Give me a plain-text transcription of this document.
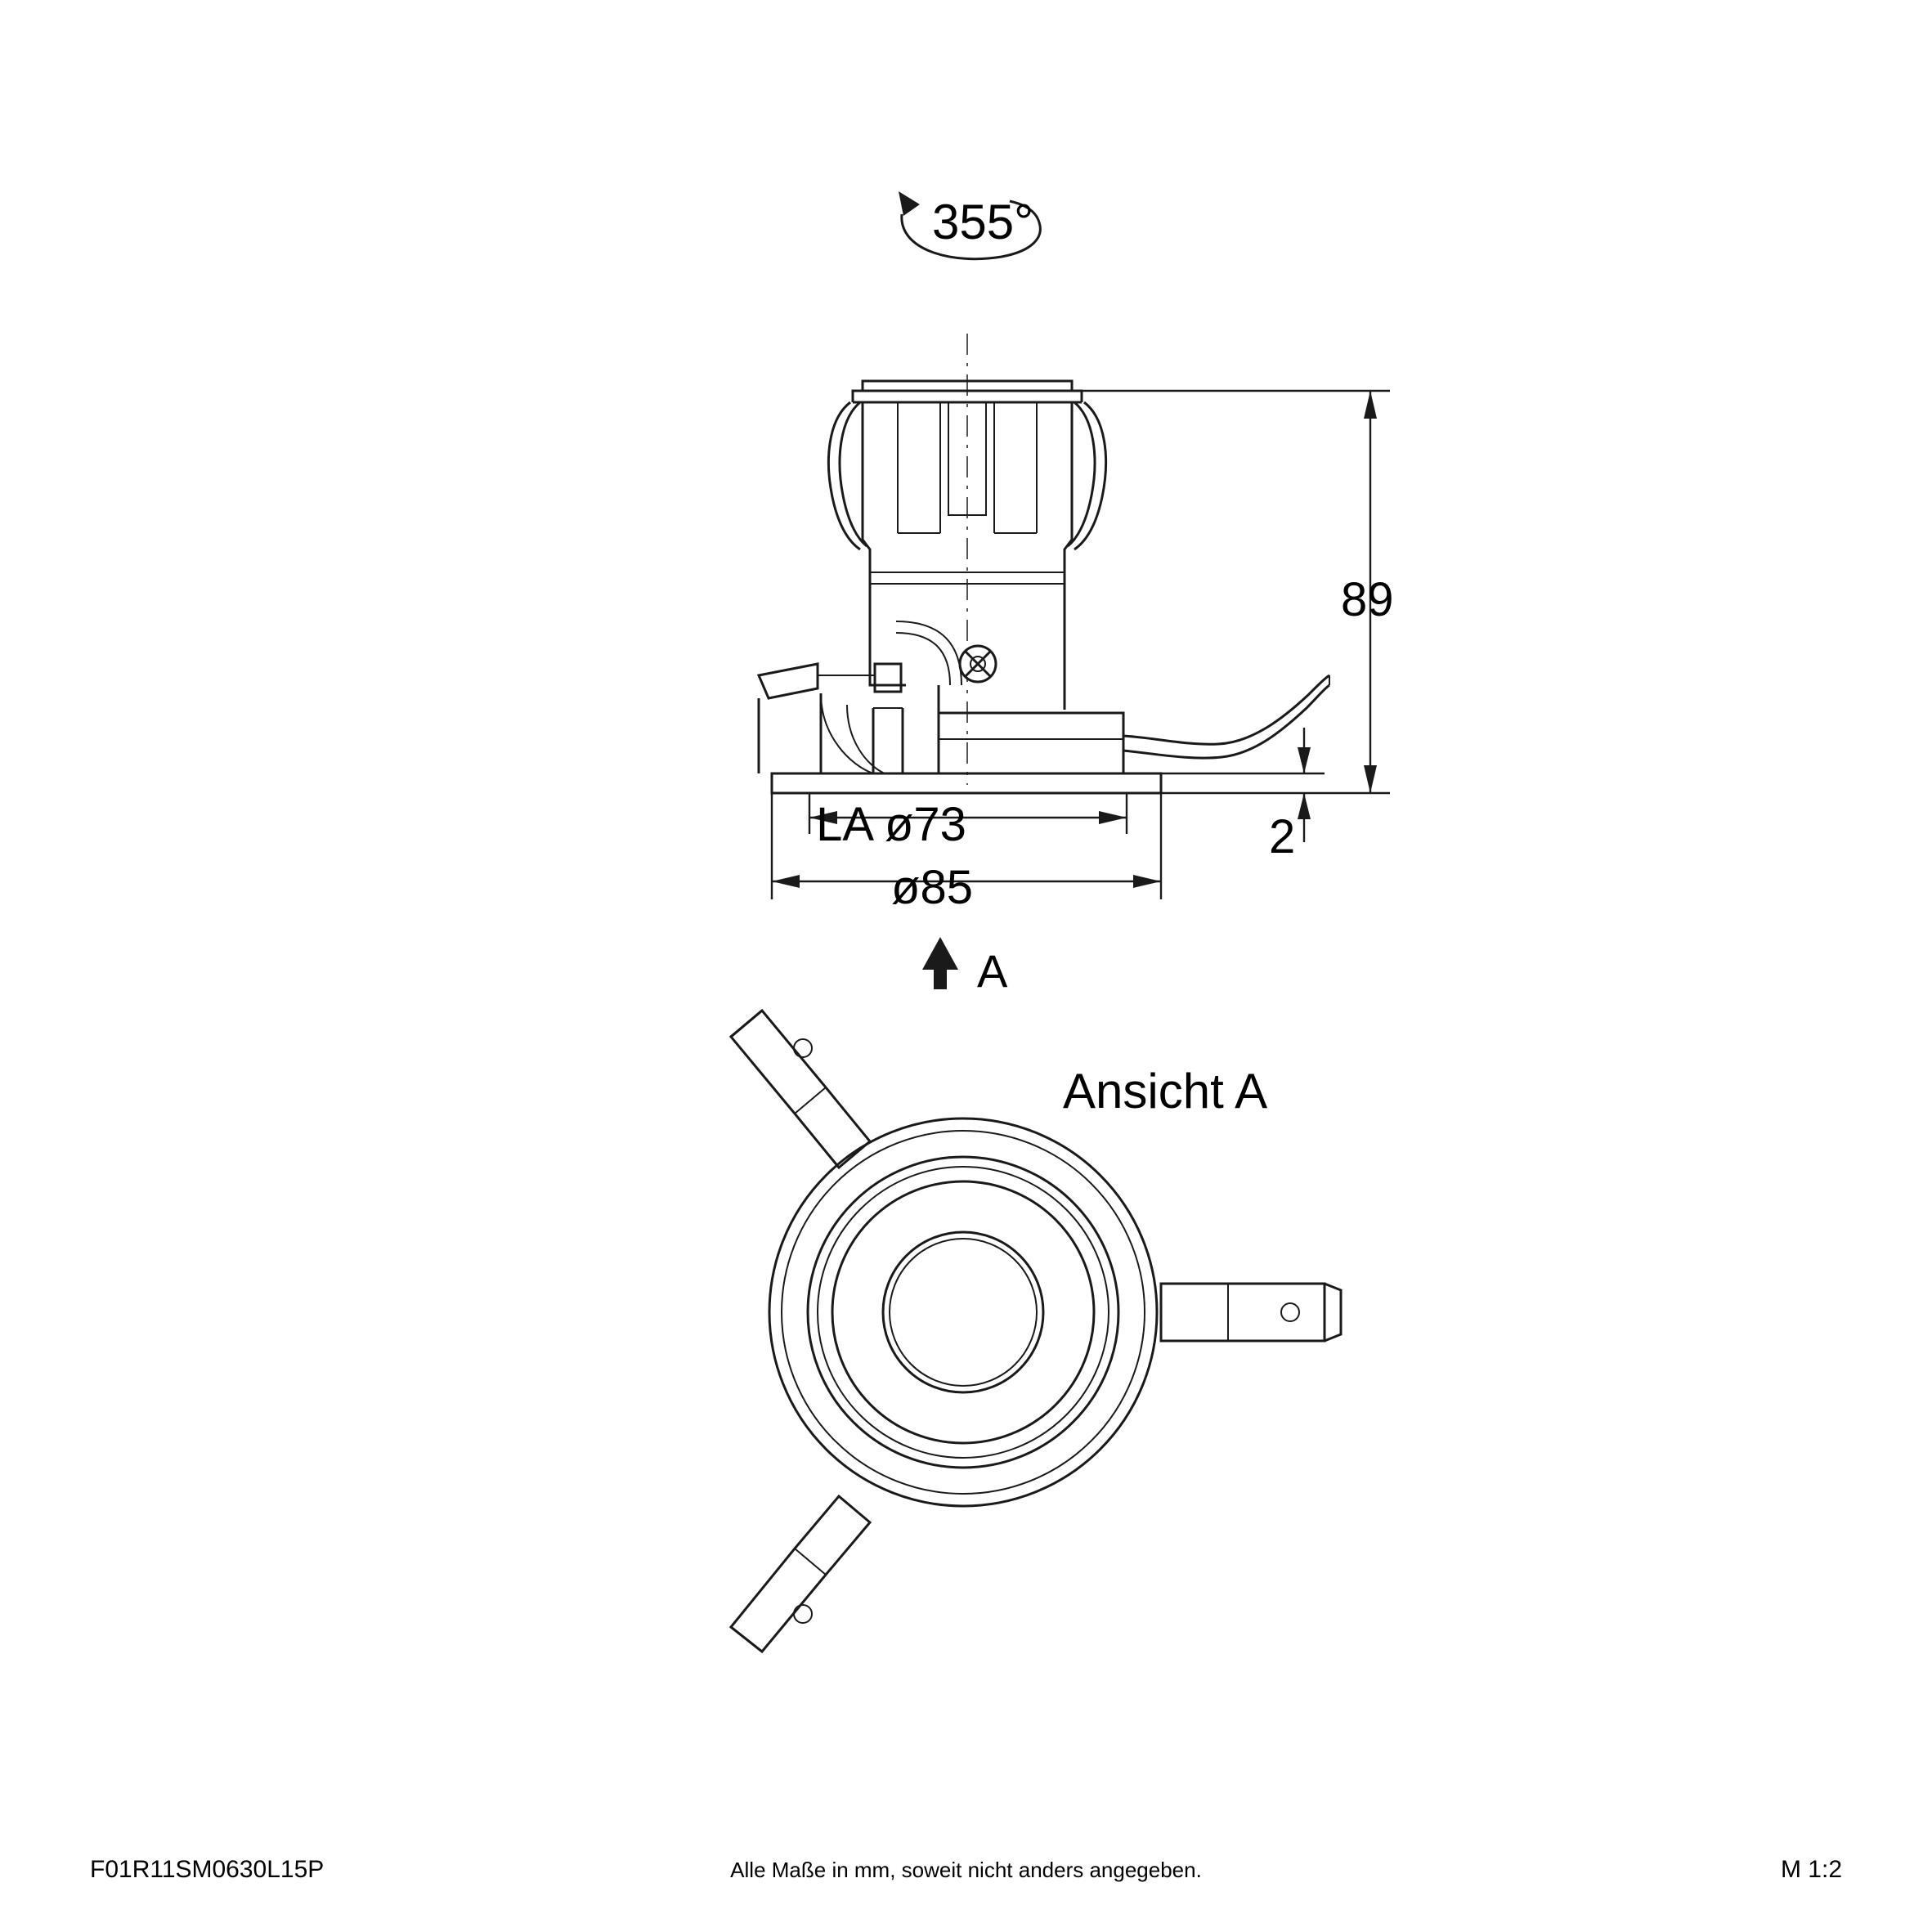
355°
89
2
LA ø73
ø85
A
Ansicht A
F01R11SM0630L15P	Alle Maße in mm, soweit nicht anders angegeben.	M 1:2
